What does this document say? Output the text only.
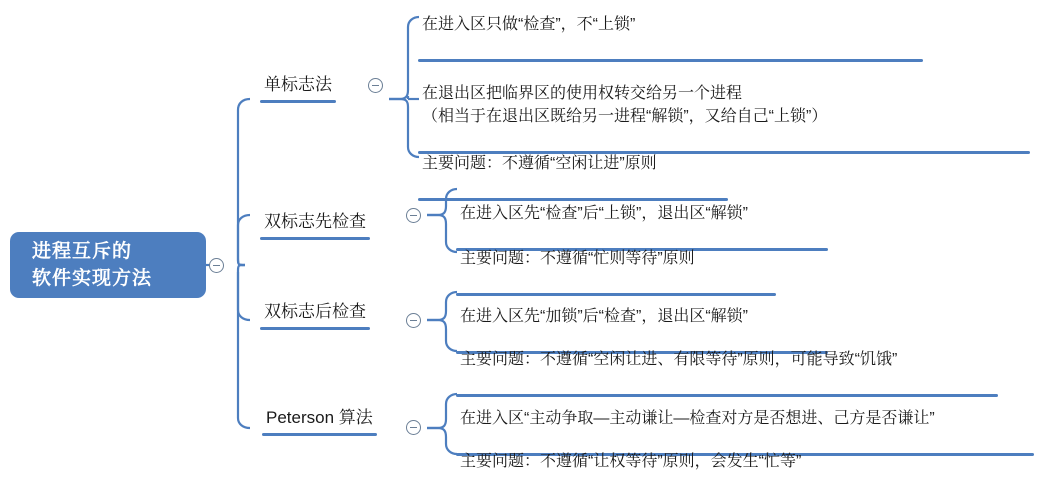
进程互斥的
软件实现方法
单标志法

在进入区只做“检查”，不“上锁”

在退出区把临界区的使用权转交给另一个进程
（相当于在退出区既给另一进程“解锁”，又给自己“上锁”）

主要问题：不遵循“空闲让进”原则

双标志先检查	在进入区先“检查”后“上锁”，退出区“解锁”

主要问题：不遵循“忙则等待”原则

双标志后检查	在进入区先“加锁”后“检查”，退出区“解锁”

主要问题：不遵循“空闲让进、有限等待”原则，可能导致“饥饿”

Peterson 算法	在进入区“主动争取—主动谦让—检查对方是否想进、己方是否谦让”

主要问题：不遵循“让权等待”原则，会发生“忙等”
